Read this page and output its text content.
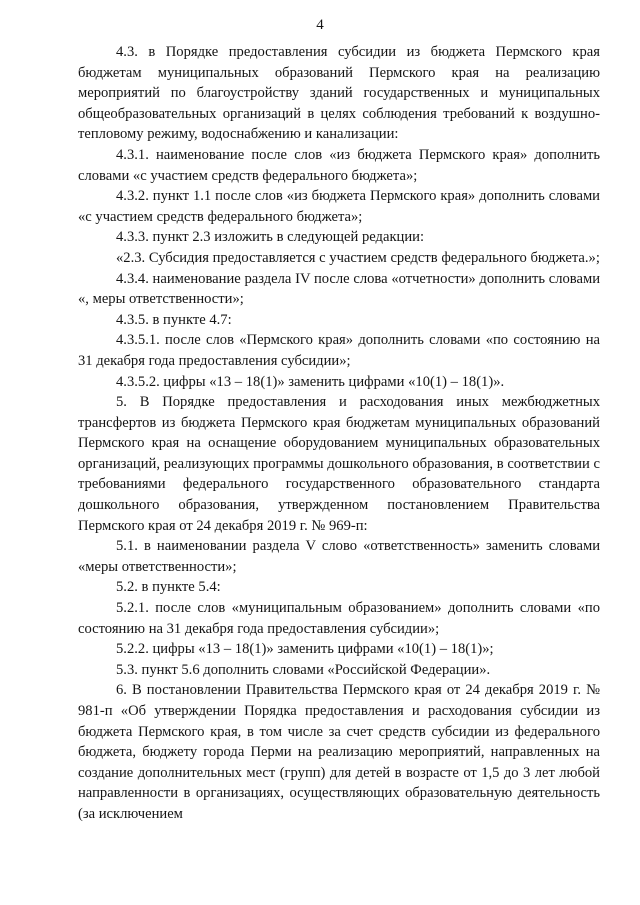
4

4.3. в Порядке предоставления субсидии из бюджета Пермского края бюджетам муниципальных образований Пермского края на реализацию мероприятий по благоустройству зданий государственных и муниципальных общеобразовательных организаций в целях соблюдения требований к воздушно-тепловому режиму, водоснабжению и канализации:

4.3.1. наименование после слов «из бюджета Пермского края» дополнить словами «с участием средств федерального бюджета»;

4.3.2. пункт 1.1 после слов «из бюджета Пермского края» дополнить словами «с участием средств федерального бюджета»;

4.3.3. пункт 2.3 изложить в следующей редакции:

«2.3. Субсидия предоставляется с участием средств федерального бюджета.»;

4.3.4. наименование раздела IV после слова «отчетности» дополнить словами «, меры ответственности»;

4.3.5. в пункте 4.7:

4.3.5.1. после слов «Пермского края» дополнить словами «по состоянию на 31 декабря года предоставления субсидии»;

4.3.5.2. цифры «13 – 18(1)» заменить цифрами «10(1) – 18(1)».

5. В Порядке предоставления и расходования иных межбюджетных трансфертов из бюджета Пермского края бюджетам муниципальных образований Пермского края на оснащение оборудованием муниципальных образовательных организаций, реализующих программы дошкольного образования, в соответствии с требованиями федерального государственного образовательного стандарта дошкольного образования, утвержденном постановлением Правительства Пермского края от 24 декабря 2019 г. № 969-п:

5.1. в наименовании раздела V слово «ответственность» заменить словами «меры ответственности»;

5.2. в пункте 5.4:

5.2.1. после слов «муниципальным образованием» дополнить словами «по состоянию на 31 декабря года предоставления субсидии»;

5.2.2. цифры «13 – 18(1)» заменить цифрами «10(1) – 18(1)»;

5.3. пункт 5.6 дополнить словами «Российской Федерации».

6. В постановлении Правительства Пермского края от 24 декабря 2019 г. № 981-п «Об утверждении Порядка предоставления и расходования субсидии из бюджета Пермского края, в том числе за счет средств субсидии из федерального бюджета, бюджету города Перми на реализацию мероприятий, направленных на создание дополнительных мест (групп) для детей в возрасте от 1,5 до 3 лет любой направленности в организациях, осуществляющих образовательную деятельность (за исключением
